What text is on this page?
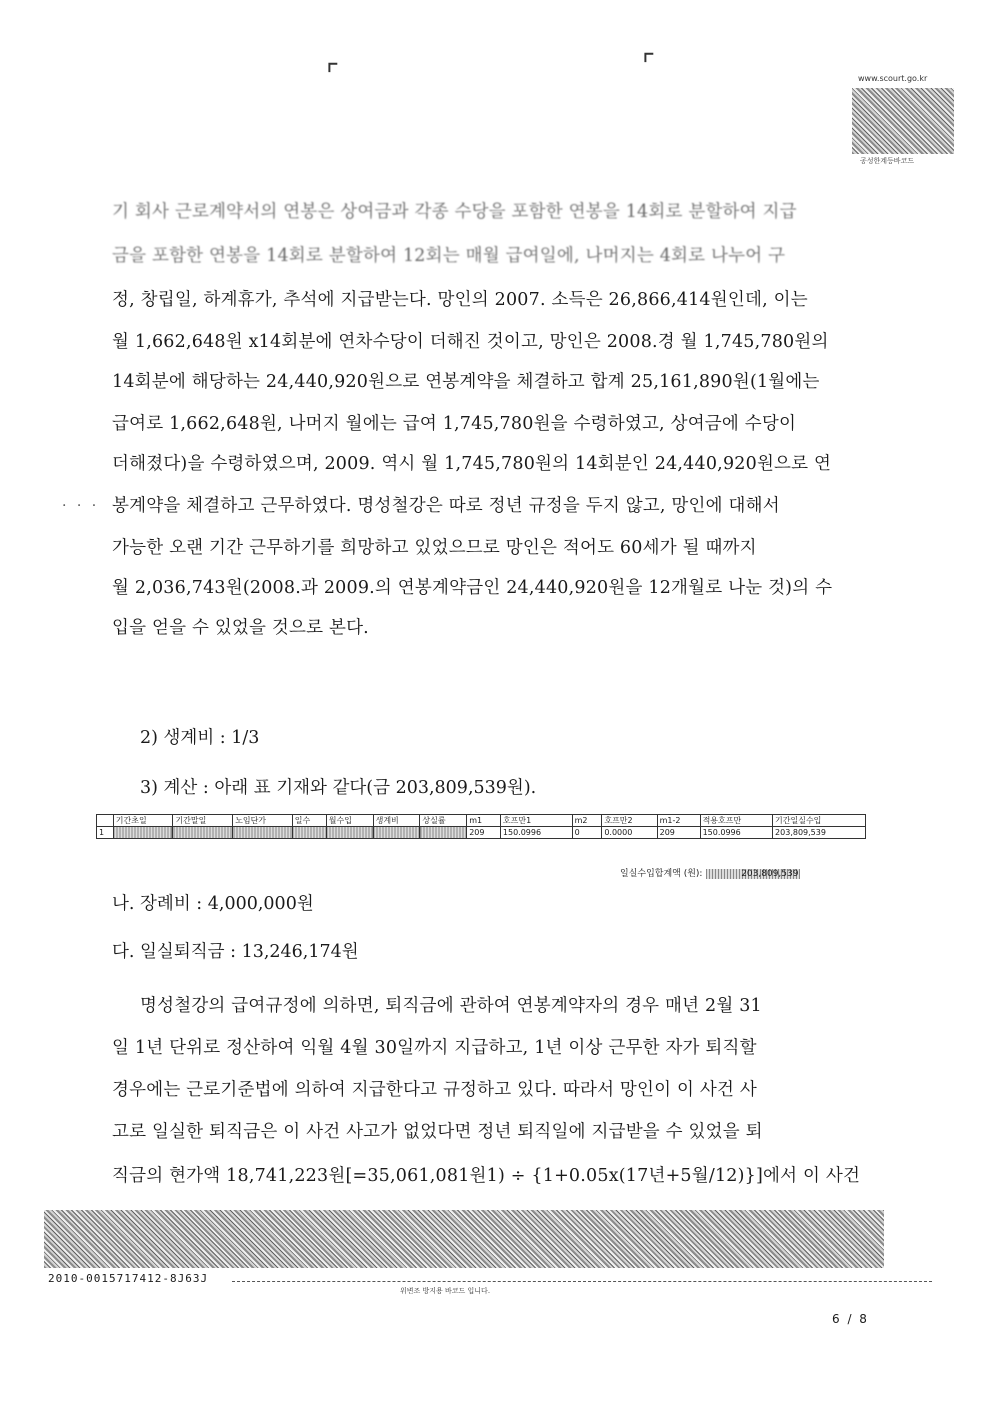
⌜	⌜	www.scourt.go.kr
공성한계등바코드
기 회사 근로계약서의 연봉은 상여금과 각종 수당을 포함한 연봉을 14회로 분할하여 지급
금을 포함한 연봉을 14회로 분할하여 12회는 매월 급여일에, 나머지는 4회로 나누어 구
정, 창립일, 하계휴가, 추석에 지급받는다. 망인의 2007. 소득은 26,866,414원인데, 이는
월 1,662,648원 x14회분에 연차수당이 더해진 것이고, 망인은 2008.경 월 1,745,780원의
14회분에 해당하는 24,440,920원으로 연봉계약을 체결하고 합계 25,161,890원(1월에는
급여로 1,662,648원, 나머지 월에는 급여 1,745,780원을 수령하였고, 상여금에 수당이
· · ·
더해졌다)을 수령하였으며, 2009. 역시 월 1,745,780원의 14회분인 24,440,920원으로 연
봉계약을 체결하고 근무하였다. 명성철강은 따로 정년 규정을 두지 않고, 망인에 대해서
가능한 오랜 기간 근무하기를 희망하고 있었으므로 망인은 적어도 60세가 될 때까지
월 2,036,743원(2008.과 2009.의 연봉계약금인 24,440,920원을 12개월로 나눈 것)의 수
입을 얻을 수 있었을 것으로 본다.
2) 생계비 : 1/3
3) 계산 : 아래 표 기재와 같다(금 203,809,539원).
	기간초일	기간말일	노임단가	일수	월수입	생계비	상실률	m1	호프만1	m2	호프만2	m1-2	적용호프만	기간일실수입
1								209	150.0996	0	0.0000	209	150.0996	203,809,539
일실수입합계액 (원):	203,809,539
나. 장례비 : 4,000,000원
다. 일실퇴직금 : 13,246,174원
명성철강의 급여규정에 의하면, 퇴직금에 관하여 연봉계약자의 경우 매년 2월 31
일 1년 단위로 정산하여 익월 4월 30일까지 지급하고, 1년 이상 근무한 자가 퇴직할
경우에는 근로기준법에 의하여 지급한다고 규정하고 있다. 따라서 망인이 이 사건 사
고로 일실한 퇴직금은 이 사건 사고가 없었다면 정년 퇴직일에 지급받을 수 있었을 퇴
직금의 현가액 18,741,223원[=35,061,081원1) ÷ {1+0.05x(17년+5월/12)}]에서 이 사건
2010-0015717412-8J63J
위변조 방지용 바코드 입니다.
6 / 8
